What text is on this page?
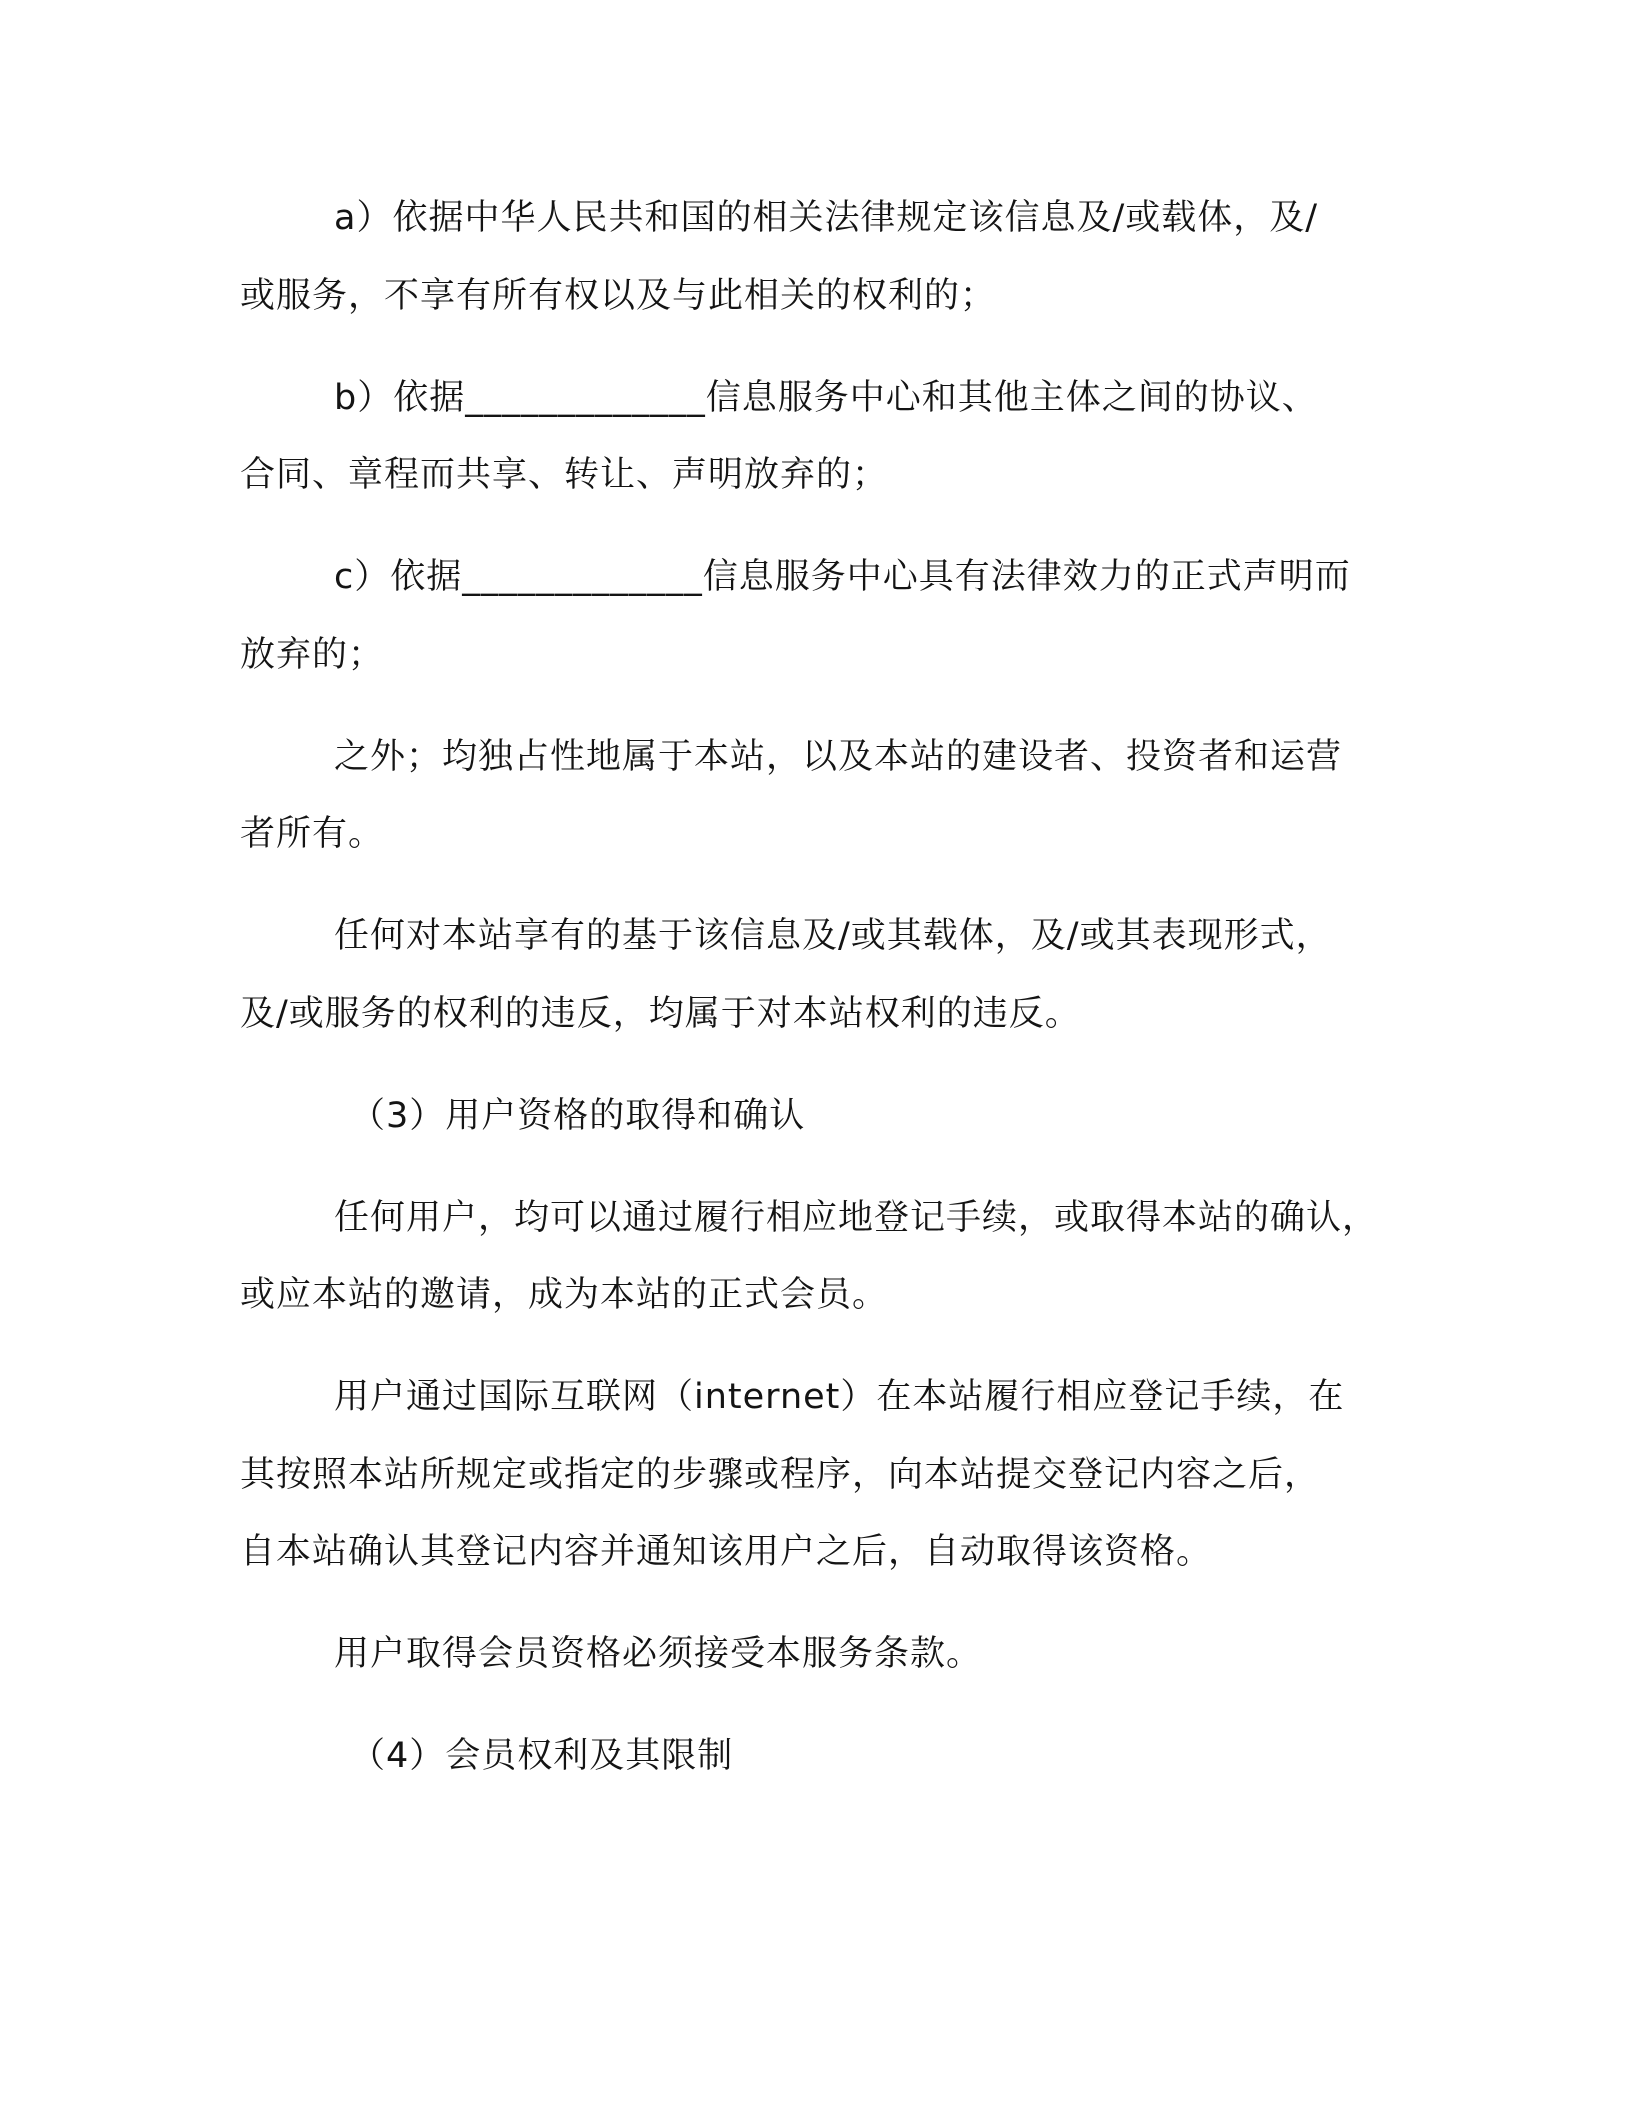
a）依据中华人民共和国的相关法律规定该信息及/或载体，及/
或服务，不享有所有权以及与此相关的权利的；
b）依据_____________信息服务中心和其他主体之间的协议、
合同、章程而共享、转让、声明放弃的；
c）依据_____________信息服务中心具有法律效力的正式声明而
放弃的；
之外；均独占性地属于本站，以及本站的建设者、投资者和运营
者所有。
任何对本站享有的基于该信息及/或其载体，及/或其表现形式，
及/或服务的权利的违反，均属于对本站权利的违反。
（3）用户资格的取得和确认
任何用户，均可以通过履行相应地登记手续，或取得本站的确认，
或应本站的邀请，成为本站的正式会员。
用户通过国际互联网（internet）在本站履行相应登记手续，在
其按照本站所规定或指定的步骤或程序，向本站提交登记内容之后，
自本站确认其登记内容并通知该用户之后，自动取得该资格。
用户取得会员资格必须接受本服务条款。
（4）会员权利及其限制
